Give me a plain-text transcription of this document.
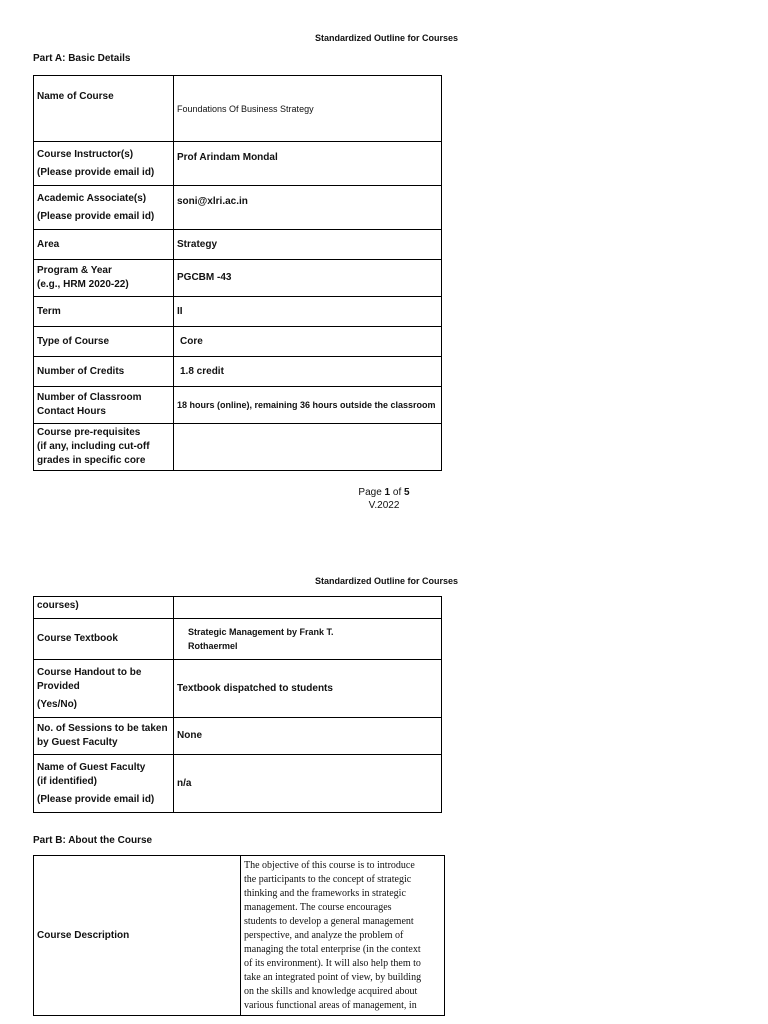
Standardized Outline for Courses
Part A: Basic Details
Name of Course	Foundations Of Business Strategy

Course Instructor(s)
(Please provide email id)	Prof Arindam Mondal

Academic Associate(s)
(Please provide email id)	soni@xlri.ac.in

Area	Strategy

Program & Year
(e.g., HRM 2020-22)	PGCBM -43

Term	II

Type of Course	Core

Number of Credits	1.8 credit

Number of Classroom
Contact Hours	18 hours (online), remaining 36 hours outside the classroom

Course pre-requisites
(if any, including cut-off
grades in specific core	

Page 1 of 5
V.2022
Standardized Outline for Courses
courses)	

Course Textbook	Strategic Management by Frank T.
Rothaermel

Course Handout to be
Provided
(Yes/No)	Textbook dispatched to students

No. of Sessions to be taken
by Guest Faculty	None

Name of Guest Faculty
(if identified)
(Please provide email id)	n/a
Part B: About the Course
Course Description	
The objective of this course is to introduce
the participants to the concept of strategic
thinking and the frameworks in strategic
management. The course encourages
students to develop a general management
perspective, and analyze the problem of
managing the total enterprise (in the context
of its environment). It will also help them to
take an integrated point of view, by building
on the skills and knowledge acquired about
various functional areas of management, in
